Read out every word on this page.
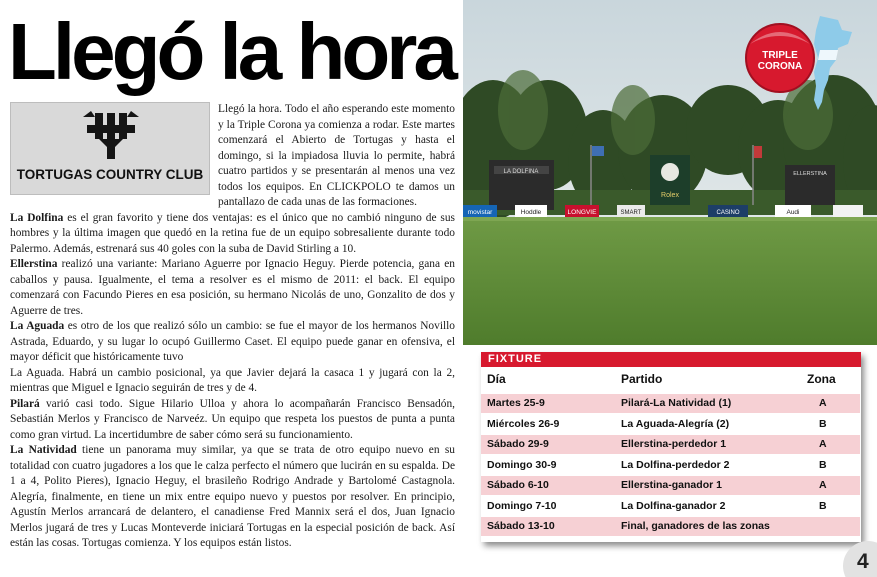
Llegó la hora
LA DOLFINA	ELLERSTINA
Rolex
movistar	Hoddle	LONGVIE	SMART	CASINO	Audi
TRIPLE
CORONA
TORTUGAS COUNTRY CLUB

Llegó la hora. Todo el año esperando este momento y la Triple Corona ya comienza a rodar. Este martes comenzará el Abierto de Tortugas y hasta el domingo, si la impiadosa lluvia lo permite, habrá cuatro partidos y se presentarán al menos una vez todos los equipos. En CLICKPOLO te damos un pantallazo de cada unas de las formaciones.

La Dolfina es el gran favorito y tiene dos ventajas: es el único que no cambió ninguno de sus hombres y la última imagen que quedó en la retina fue de un equipo sobresaliente durante todo Palermo. Además, estrenará sus 40 goles con la suba de David Stirling a 10.

Ellerstina realizó una variante: Mariano Aguerre por Ignacio Heguy. Pierde potencia, gana en caballos y pausa. Igualmente, el tema a resolver es el mismo de 2011: el back. El equipo comenzará con Facundo Pieres en esa posición, su hermano Nicolás de uno, Gonzalito de dos y Aguerre de tres.

La Aguada es otro de los que realizó sólo un cambio: se fue el mayor de los hermanos Novillo Astrada, Eduardo, y su lugar lo ocupó Guillermo Caset. El equipo puede ganar en ofensiva, el mayor déficit que históricamente tuvo

La Aguada. Habrá un cambio posicional, ya que Javier dejará la casaca 1 y jugará con la 2, mientras que Miguel e Ignacio seguirán de tres y de 4.

Pilará varió casi todo. Sigue Hilario Ulloa y ahora lo acompañarán Francisco Bensadón, Sebastián Merlos y Francisco de Narveéz. Un equipo que respeta los puestos de punta a punta como gran virtud. La incertidumbre de saber cómo será su funcionamiento.

La Natividad tiene un panorama muy similar, ya que se trata de otro equipo nuevo en su totalidad con cuatro jugadores a los que le calza perfecto el número que lucirán en su espalda. De 1 a 4, Polito Pieres), Ignacio Heguy, el brasileño Rodrigo Andrade y Bartolomé Castagnola. Alegría, finalmente, en tiene un mix entre equipo nuevo y puestos por resolver. En principio, Agustín Merlos arrancará de delantero, el canadiense Fred Mannix será el dos, Juan Ignacio Merlos jugará de tres y Lucas Monteverde iniciará Tortugas en la especial posición de back. Así están las cosas. Tortugas comienza. Y los equipos están listos.

FIXTURE
Día	Partido	Zona
Martes 25-9	Pilará-La Natividad (1)	A
Miércoles 26-9	La Aguada-Alegría (2)	B
Sábado 29-9	Ellerstina-perdedor 1	A
Domingo 30-9	La Dolfina-perdedor 2	B
Sábado 6-10	Ellerstina-ganador 1	A
Domingo 7-10	La Dolfina-ganador 2	B
Sábado 13-10	Final, ganadores de las zonas
4
